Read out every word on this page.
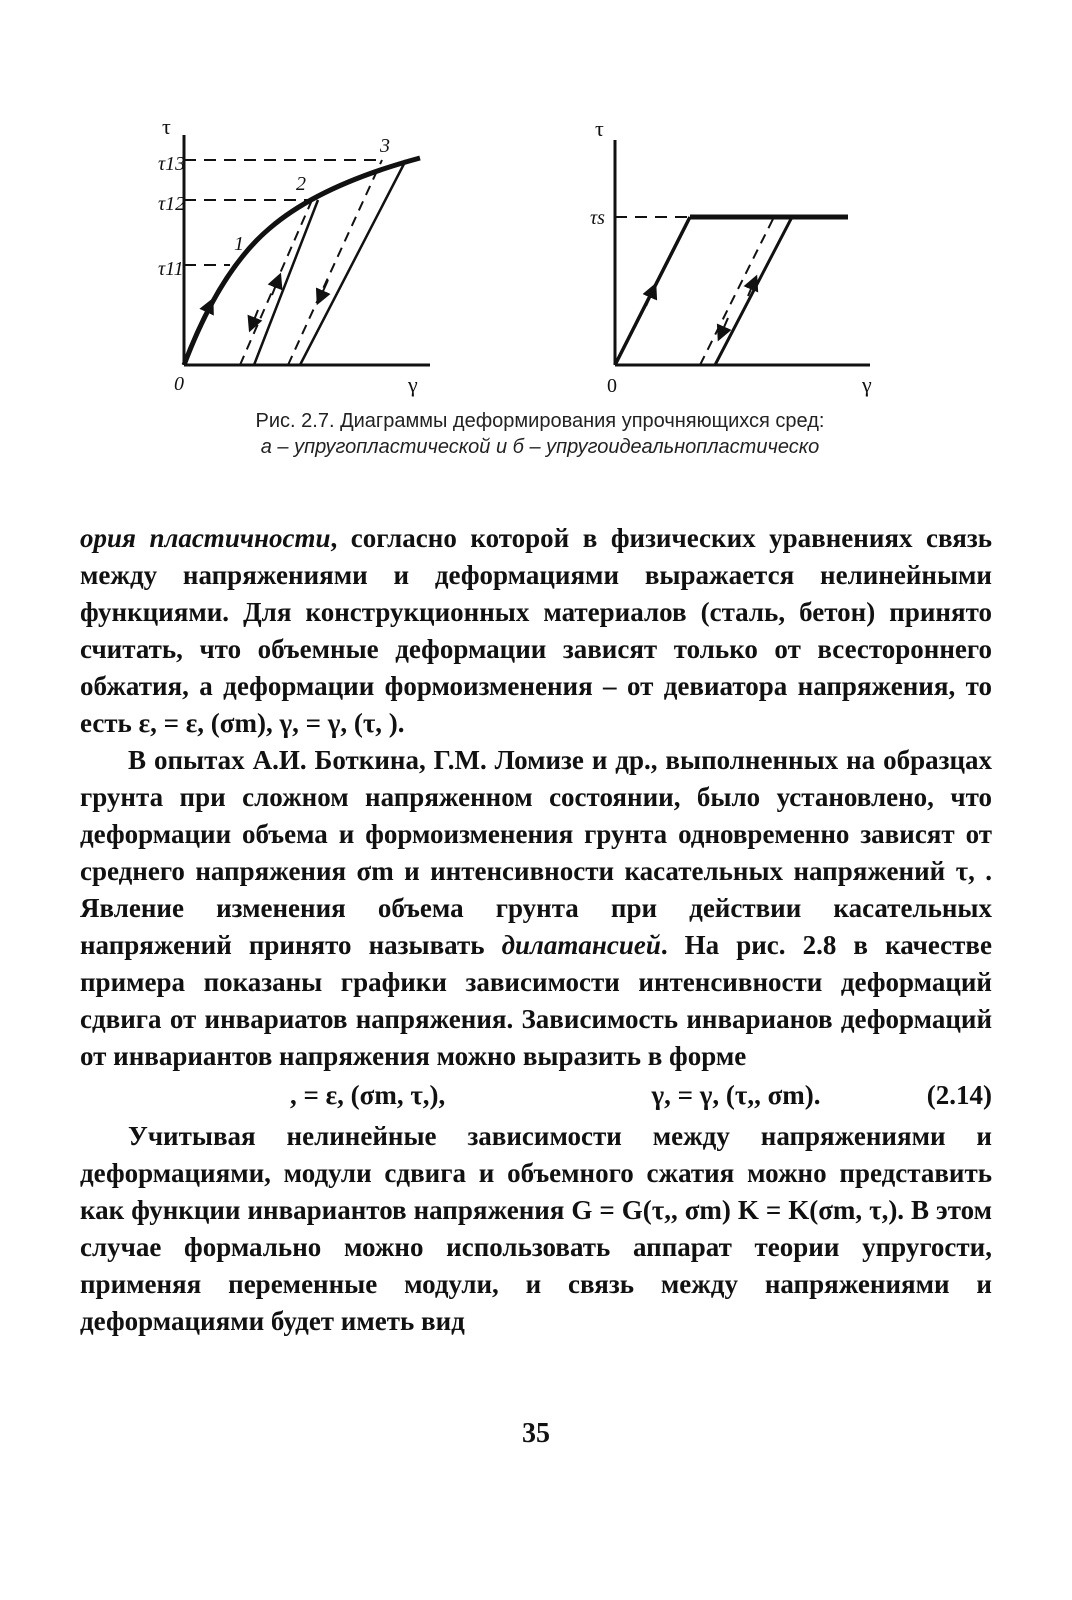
τ
τ13
τ12
τ11
1
2
3
0	γ
τ
τs
0	γ
Рис. 2.7. Диаграммы деформирования упрочняющихся сред:
а – упругопластической и б – упругоидеальнопластическо

ория пластичности, согласно которой в физических уравнениях связь между напряжениями и деформациями выражается нелинейными функциями. Для конструкционных материалов (сталь, бетон) принято считать, что объемные деформации зависят только от всестороннего обжатия, а деформации формоизменения – от девиатора напряжения, то есть ε, = ε, (σm), γ, = γ, (τ, ).

В опытах А.И. Боткина, Г.М. Ломизе и др., выполненных на образцах грунта при сложном напряженном состоянии, было установлено, что деформации объема и формоизменения грунта одновременно зависят от среднего напряжения σm и интенсивности касательных напряжений τ, . Явление изменения объема грунта при действии касательных напряжений принято называть дилатансией. На рис. 2.8 в качестве примера показаны графики зависимости интенсивности деформаций сдвига от инвариатов напряжения. Зависимость инварианов деформаций от инвариантов напряжения можно выразить в форме

, = ε, (σm, τ,),	γ, = γ, (τ,, σm).	(2.14)

Учитывая нелинейные зависимости между напряжениями и деформациями, модули сдвига и объемного сжатия можно представить как функции инвариантов напряжения G = G(τ,, σm) K = K(σm, τ,). В этом случае формально можно использовать аппарат теории упругости, применяя переменные модули, и связь между напряжениями и деформациями будет иметь вид

35
